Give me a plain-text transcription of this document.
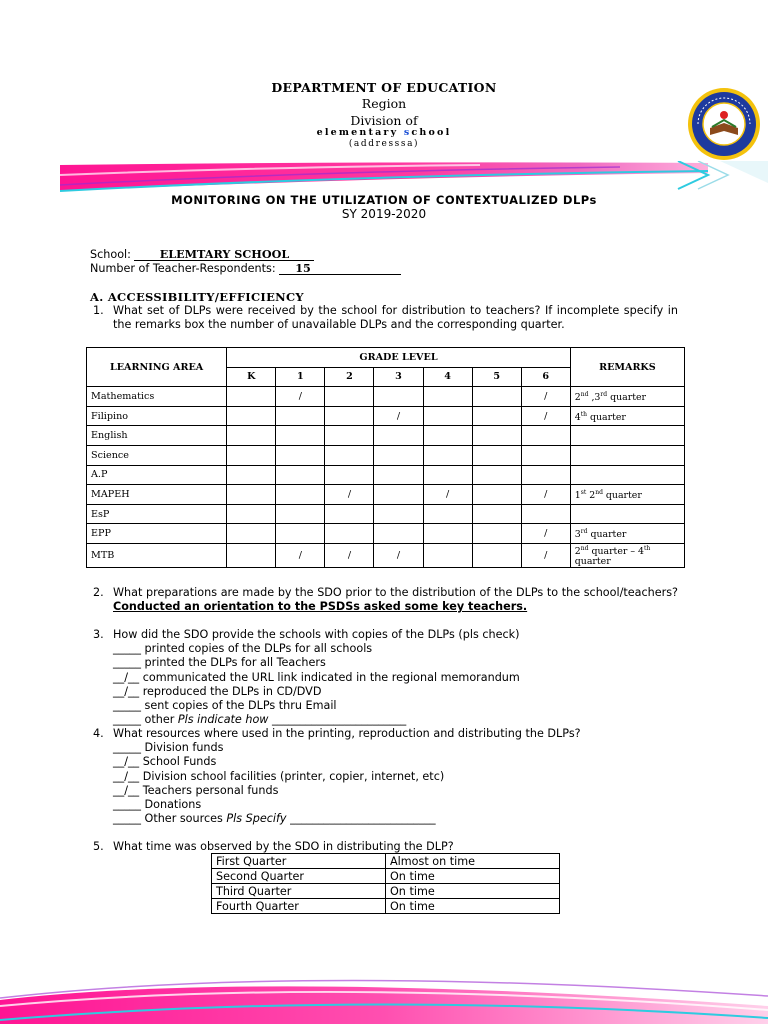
DEPARTMENT OF EDUCATION
Region
Division of
elementary school
(addresssa)
MONITORING ON THE UTILIZATION OF CONTEXTUALIZED DLPs
SY 2019-2020
School:	ELEMTARY SCHOOL
Number of Teacher-Respondents: 15
A. ACCESSIBILITY/EFFICIENCY
1. What set of DLPs were received by the school for distribution to teachers? If incomplete specify in the remarks box the number of unavailable DLPs and the corresponding quarter.
LEARNING AREA	GRADE LEVEL							REMARKS
	K	1	2	3	4	5	6	
Mathematics		/					/	2nd ,3rd quarter
Filipino				/			/	4th quarter
English								
Science								
A.P								
MAPEH			/		/		/	1st 2nd quarter
EsP								
EPP							/	3rd quarter
MTB		/	/	/			/	2nd quarter – 4th quarter
2. What preparations are made by the SDO prior to the distribution of the DLPs to the school/teachers? Conducted an orientation to the PSDSs asked some key teachers.
3. How did the SDO provide the schools with copies of the DLPs (pls check)
_____ printed copies of the DLPs for all schools
_____ printed the DLPs for all Teachers
__/__ communicated the URL link indicated in the regional memorandum
__/__ reproduced the DLPs in CD/DVD
_____ sent copies of the DLPs thru Email
_____ other Pls indicate how ________________________
4. What resources where used in the printing, reproduction and distributing the DLPs?
_____ Division funds
__/__ School Funds
__/__ Division school facilities (printer, copier, internet, etc)
__/__ Teachers personal funds
_____ Donations
_____ Other sources Pls Specify __________________________
5. What time was observed by the SDO in distributing the DLP?
First Quarter	Almost on time
Second Quarter	On time
Third Quarter	On time
Fourth Quarter	On time
